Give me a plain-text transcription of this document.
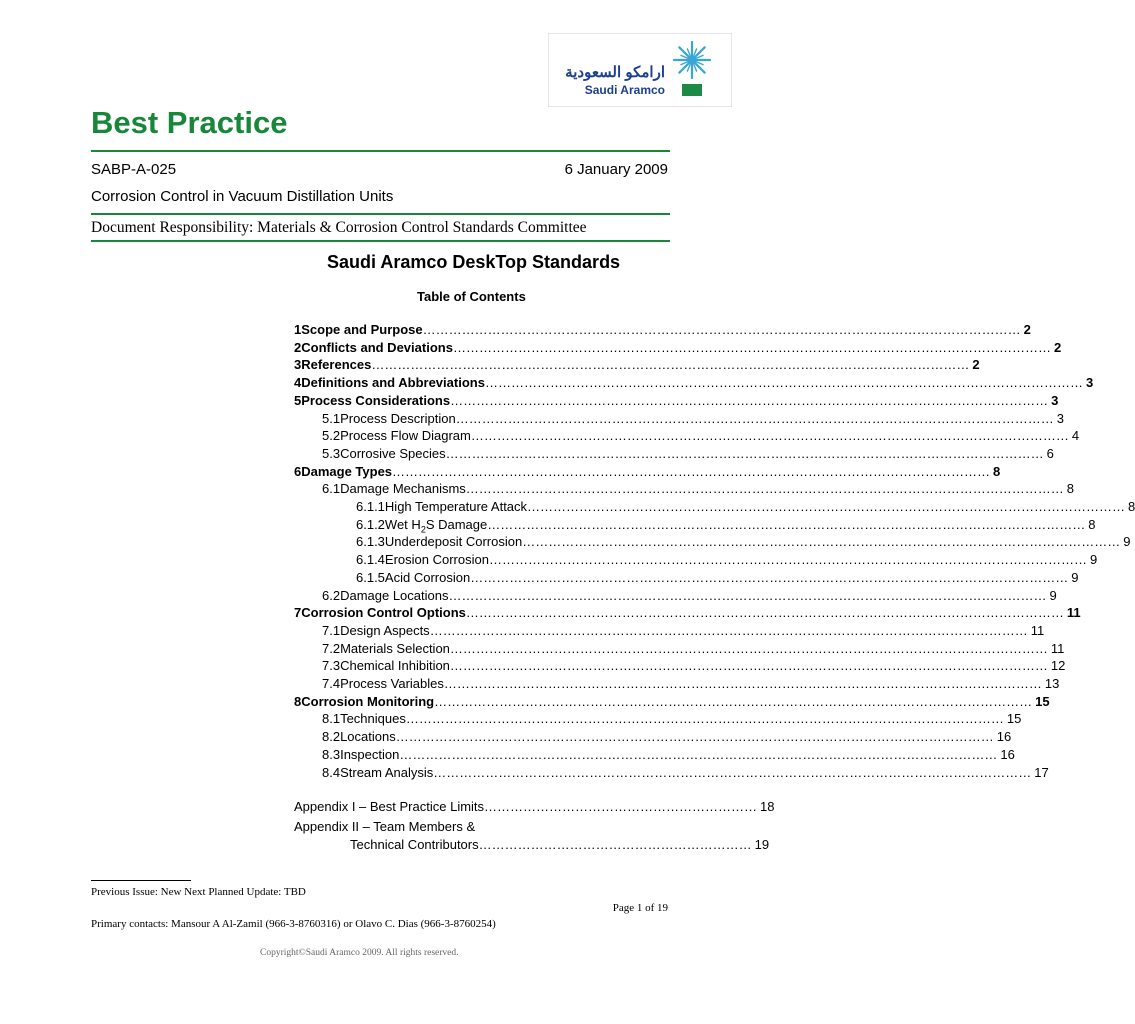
ارامكو السعودية
Saudi Aramco
Best Practice
SABP-A-025	6 January 2009
Corrosion Control in Vacuum Distillation Units
Document Responsibility: Materials & Corrosion Control Standards Committee
Saudi Aramco DeskTop Standards
Table of Contents
1 Scope and Purpose …………………………………………………………………………………………………………………………	2
2 Conflicts and Deviations …………………………………………………………………………………………………………………………	2
3 References …………………………………………………………………………………………………………………………	2
4 Definitions and Abbreviations …………………………………………………………………………………………………………………………	3
5 Process Considerations …………………………………………………………………………………………………………………………	3
5.1 Process Description …………………………………………………………………………………………………………………………	3
5.2 Process Flow Diagram …………………………………………………………………………………………………………………………	4
5.3 Corrosive Species …………………………………………………………………………………………………………………………	6
6 Damage Types …………………………………………………………………………………………………………………………	8
6.1 Damage Mechanisms …………………………………………………………………………………………………………………………	8
6.1.1 High Temperature Attack …………………………………………………………………………………………………………………………	8
6.1.2 Wet $H_2S$ Damage …………………………………………………………………………………………………………………………	8
6.1.3 Underdeposit Corrosion …………………………………………………………………………………………………………………………	9
6.1.4 Erosion Corrosion …………………………………………………………………………………………………………………………	9
6.1.5 Acid Corrosion …………………………………………………………………………………………………………………………	9
6.2 Damage Locations …………………………………………………………………………………………………………………………	9
7 Corrosion Control Options …………………………………………………………………………………………………………………………	11
7.1 Design Aspects …………………………………………………………………………………………………………………………	11
7.2 Materials Selection …………………………………………………………………………………………………………………………	11
7.3 Chemical Inhibition …………………………………………………………………………………………………………………………	12
7.4 Process Variables …………………………………………………………………………………………………………………………	13
8 Corrosion Monitoring …………………………………………………………………………………………………………………………	15
8.1 Techniques …………………………………………………………………………………………………………………………	15
8.2 Locations …………………………………………………………………………………………………………………………	16
8.3 Inspection …………………………………………………………………………………………………………………………	16
8.4 Stream Analysis …………………………………………………………………………………………………………………………	17
Appendix I – Best Practice Limits ……………………………………………………… 18
Appendix II – Team Members &
Technical Contributors ……………………………………………………… 19
Previous Issue: New Next Planned Update: TBD
Page 1 of 19
Primary contacts: Mansour A Al-Zamil (966-3-8760316) or Olavo C. Dias (966-3-8760254)
Copyright©Saudi Aramco 2009. All rights reserved.
